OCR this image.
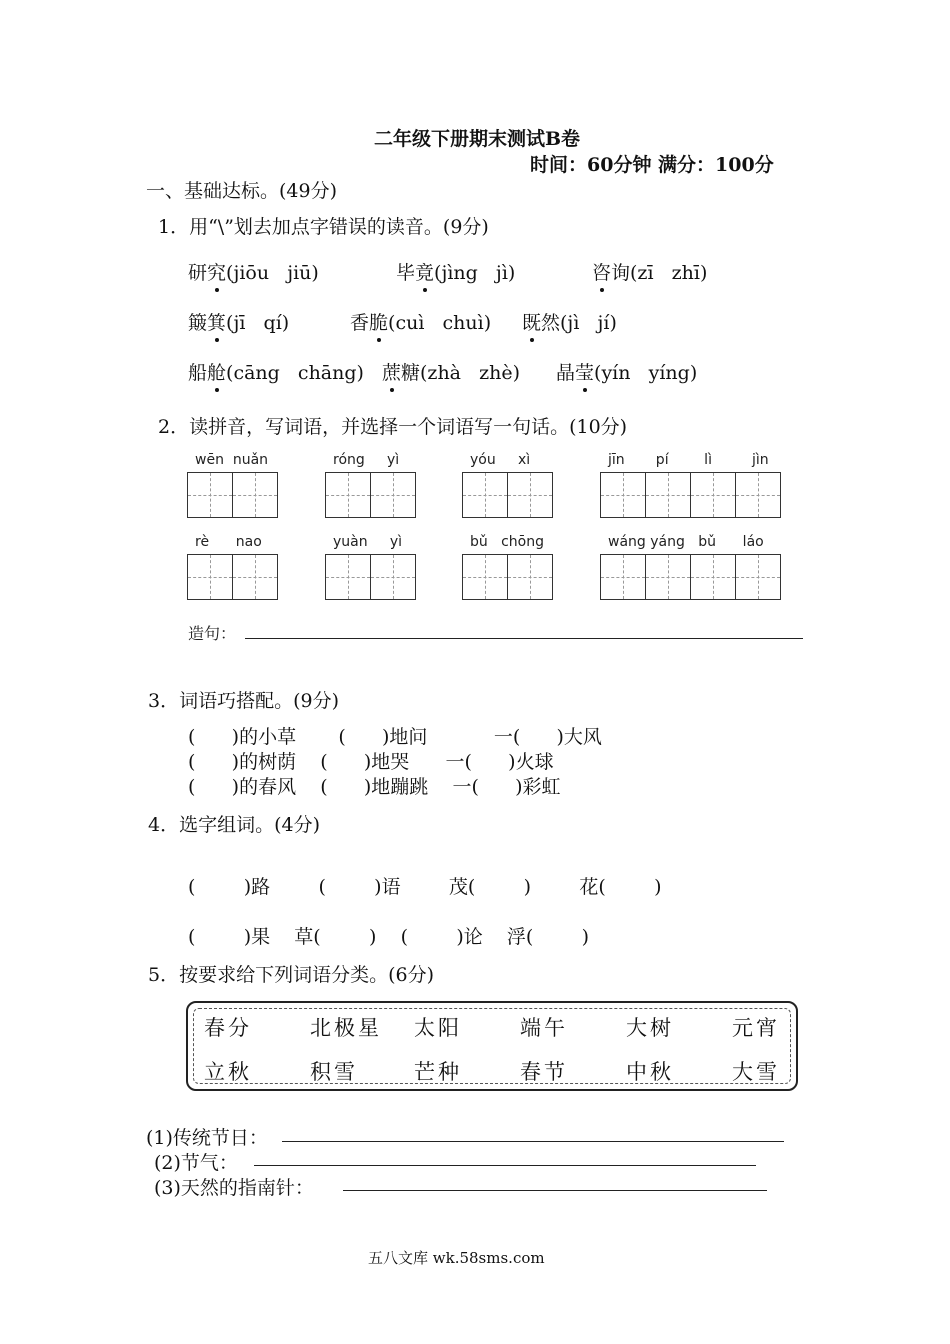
二年级下册期末测试B卷
时间：60分钟 满分：100分
一、基础达标。(49分)
1．用“\”划去加点字错误的读音。(9分)
研究(jiōu   jiū)	毕竟(jìng   jì)	咨询(zī   zhī)
簸箕(jī   qí)	香脆(cuì   chuì) 既然(jì   jí)
船舱(cāng   chāng) 蔗糖(zhà   zhè) 晶莹(yín   yíng)
2．读拼音，写词语，并选择一个词语写一句话。(10分)
wēn  nuǎn	róng     yì	yóu     xì	jīn       pí        lì         jìn
rè      nao	yuàn     yì	bǔ   chōng	wáng yáng   bǔ      láo
造句：
3．词语巧搭配。(9分)
(      )的小草       (      )地问           一(      )大风
(      )的树荫    (      )地哭      一(      )火球
(      )的春风    (      )地蹦跳    一(      )彩虹
4．选字组词。(4分)
(        )路        (        )语        茂(        )        花(        )
(        )果    草(        )    (        )论    浮(        )
5．按要求给下列词语分类。(6分)
春分	北极星 太阳	端午	大树	元宵
立秋	积雪	芒种	春节	中秋	大雪
(1)传统节日：
(2)节气：
(3)天然的指南针：
五八文库 wk.58sms.com
